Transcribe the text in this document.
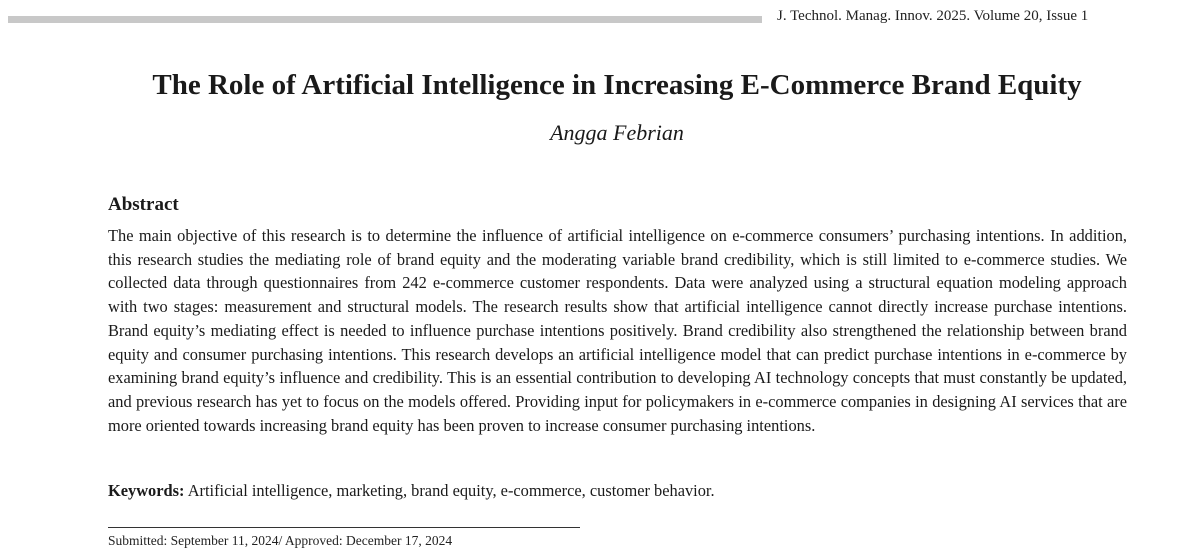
J. Technol. Manag. Innov. 2025. Volume 20, Issue 1
The Role of Artificial Intelligence in Increasing E-Commerce Brand Equity
Angga Febrian
Abstract

The main objective of this research is to determine the influence of artificial intelligence on e-commerce consumers’ purchasing intentions. In addition, this research studies the mediating role of brand equity and the moderating variable brand credibility, which is still limited to e-commerce studies. We collected data through questionnaires from 242 e-commerce customer respondents. Data were analyzed using a structural equation modeling approach with two stages: measurement and structural models. The research results show that artificial intelligence cannot directly increase purchase intentions. Brand equity’s mediating effect is needed to influence purchase intentions positively. Brand credibility also strengthened the relationship between brand equity and consumer purchasing intentions. This research develops an artificial intelligence model that can predict purchase intentions in e-commerce by examining brand equity’s influence and credibility. This is an essential contribution to developing AI technology concepts that must constantly be updated, and previous research has yet to focus on the models offered. Providing input for policymakers in e-commerce companies in designing AI services that are more oriented towards increasing brand equity has been proven to increase consumer purchasing intentions.

Keywords: Artificial intelligence, marketing, brand equity, e-commerce, customer behavior.

Submitted: September 11, 2024/ Approved: December 17, 2024
